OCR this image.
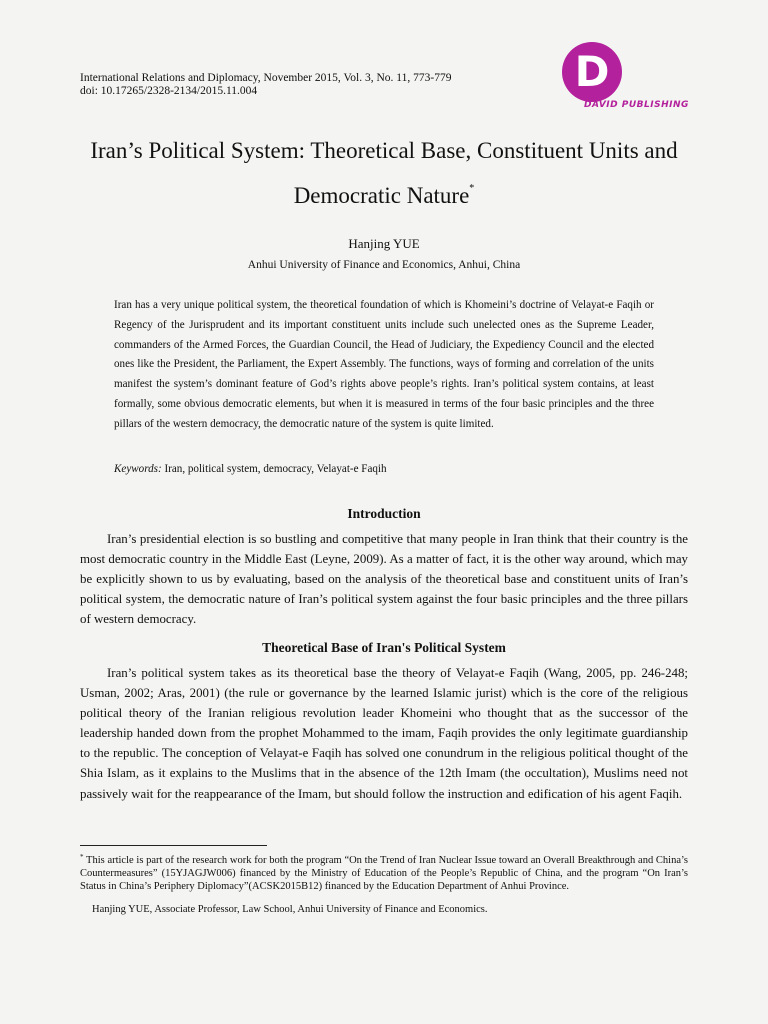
International Relations and Diplomacy, November 2015, Vol. 3, No. 11, 773-779
doi: 10.17265/2328-2134/2015.11.004	D
DAVID PUBLISHING
Iran’s Political System: Theoretical Base, Constituent Units and
Democratic Nature*
Hanjing YUE
Anhui University of Finance and Economics, Anhui, China

Iran has a very unique political system, the theoretical foundation of which is Khomeini’s doctrine of Velayat-e Faqih or Regency of the Jurisprudent and its important constituent units include such unelected ones as the Supreme Leader, commanders of the Armed Forces, the Guardian Council, the Head of Judiciary, the Expediency Council and the elected ones like the President, the Parliament, the Expert Assembly. The functions, ways of forming and correlation of the units manifest the system’s dominant feature of God’s rights above people’s rights. Iran’s political system contains, at least formally, some obvious democratic elements, but when it is measured in terms of the four basic principles and the three pillars of the western democracy, the democratic nature of the system is quite limited.

Keywords: Iran, political system, democracy, Velayat-e Faqih
Introduction

Iran’s presidential election is so bustling and competitive that many people in Iran think that their country is the most democratic country in the Middle East (Leyne, 2009). As a matter of fact, it is the other way around, which may be explicitly shown to us by evaluating, based on the analysis of the theoretical base and constituent units of Iran’s political system, the democratic nature of Iran’s political system against the four basic principles and the three pillars of western democracy.

Theoretical Base of Iran's Political System

Iran’s political system takes as its theoretical base the theory of Velayat-e Faqih (Wang, 2005, pp. 246-248; Usman, 2002; Aras, 2001) (the rule or governance by the learned Islamic jurist) which is the core of the religious political theory of the Iranian religious revolution leader Khomeini who thought that as the successor of the leadership handed down from the prophet Mohammed to the imam, Faqih provides the only legitimate guardianship to the republic. The conception of Velayat-e Faqih has solved one conundrum in the religious political thought of the Shia Islam, as it explains to the Muslims that in the absence of the 12th Imam (the occultation), Muslims need not passively wait for the reappearance of the Imam, but should follow the instruction and edification of his agent Faqih.

* This article is part of the research work for both the program “On the Trend of Iran Nuclear Issue toward an Overall Breakthrough and China’s Countermeasures” (15YJAGJW006) financed by the Ministry of Education of the People’s Republic of China, and the program “On Iran’s Status in China’s Periphery Diplomacy”(ACSK2015B12) financed by the Education Department of Anhui Province.

Hanjing YUE, Associate Professor, Law School, Anhui University of Finance and Economics.
